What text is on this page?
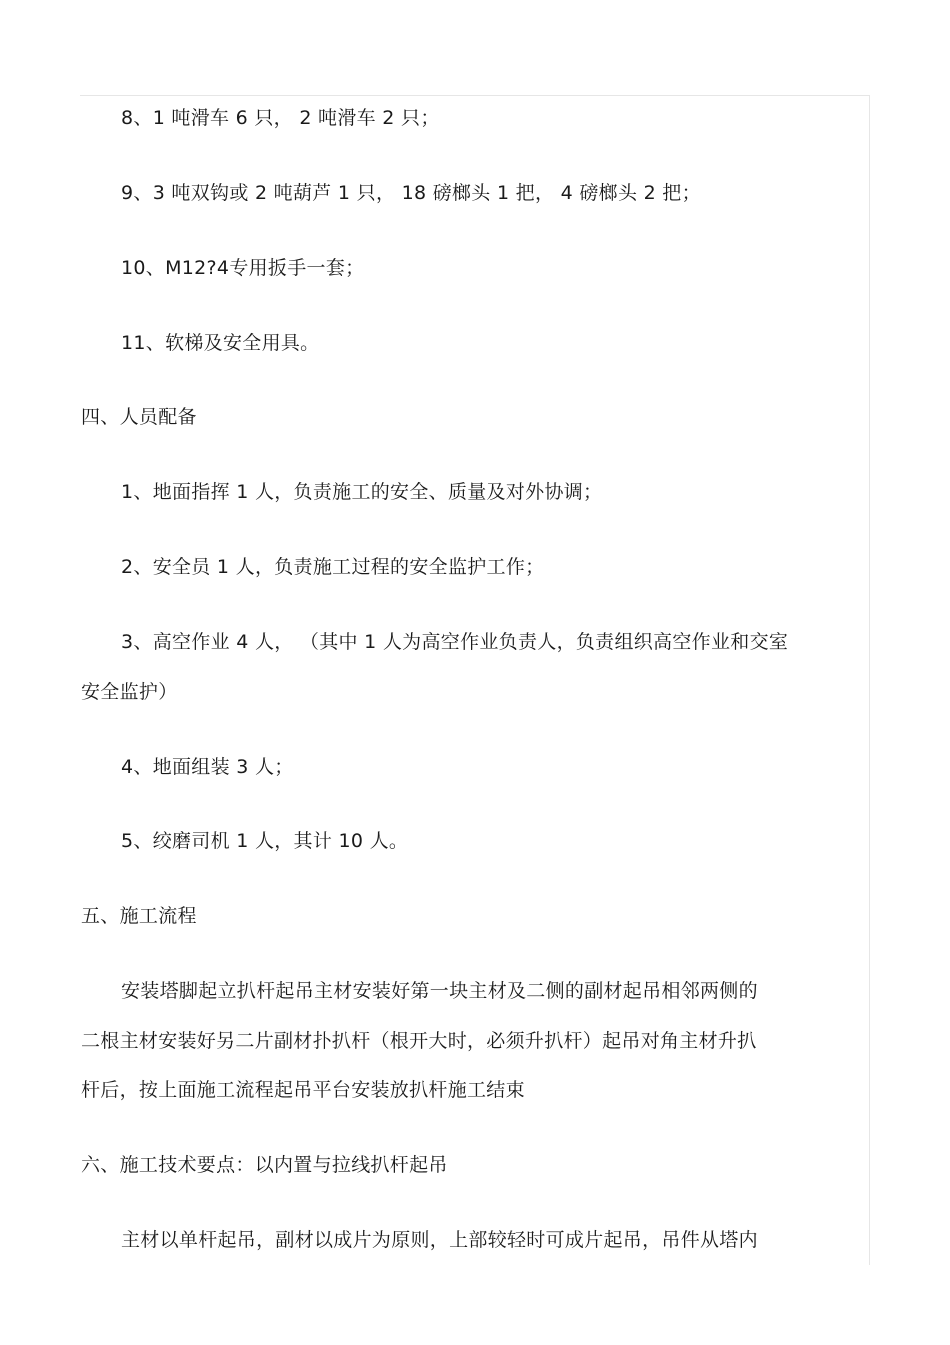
8、1 吨滑车 6 只， 2 吨滑车 2 只；
9、3 吨双钩或 2 吨葫芦 1 只， 18 磅榔头 1 把， 4 磅榔头 2 把；
10、M12?4专用扳手一套；
11、软梯及安全用具。
四、人员配备
1、地面指挥 1 人，负责施工的安全、质量及对外协调；
2、安全员 1 人，负责施工过程的安全监护工作；
3、高空作业 4 人， （其中 1 人为高空作业负责人，负责组织高空作业和交室
安全监护）
4、地面组装 3 人；
5、绞磨司机 1 人，其计 10 人。
五、施工流程
安装塔脚起立扒杆起吊主材安装好第一块主材及二侧的副材起吊相邻两侧的
二根主材安装好另二片副材扑扒杆（根开大时，必须升扒杆）起吊对角主材升扒
杆后，按上面施工流程起吊平台安装放扒杆施工结束
六、施工技术要点：以内置与拉线扒杆起吊
主材以单杆起吊，副材以成片为原则，上部较轻时可成片起吊，吊件从塔内
